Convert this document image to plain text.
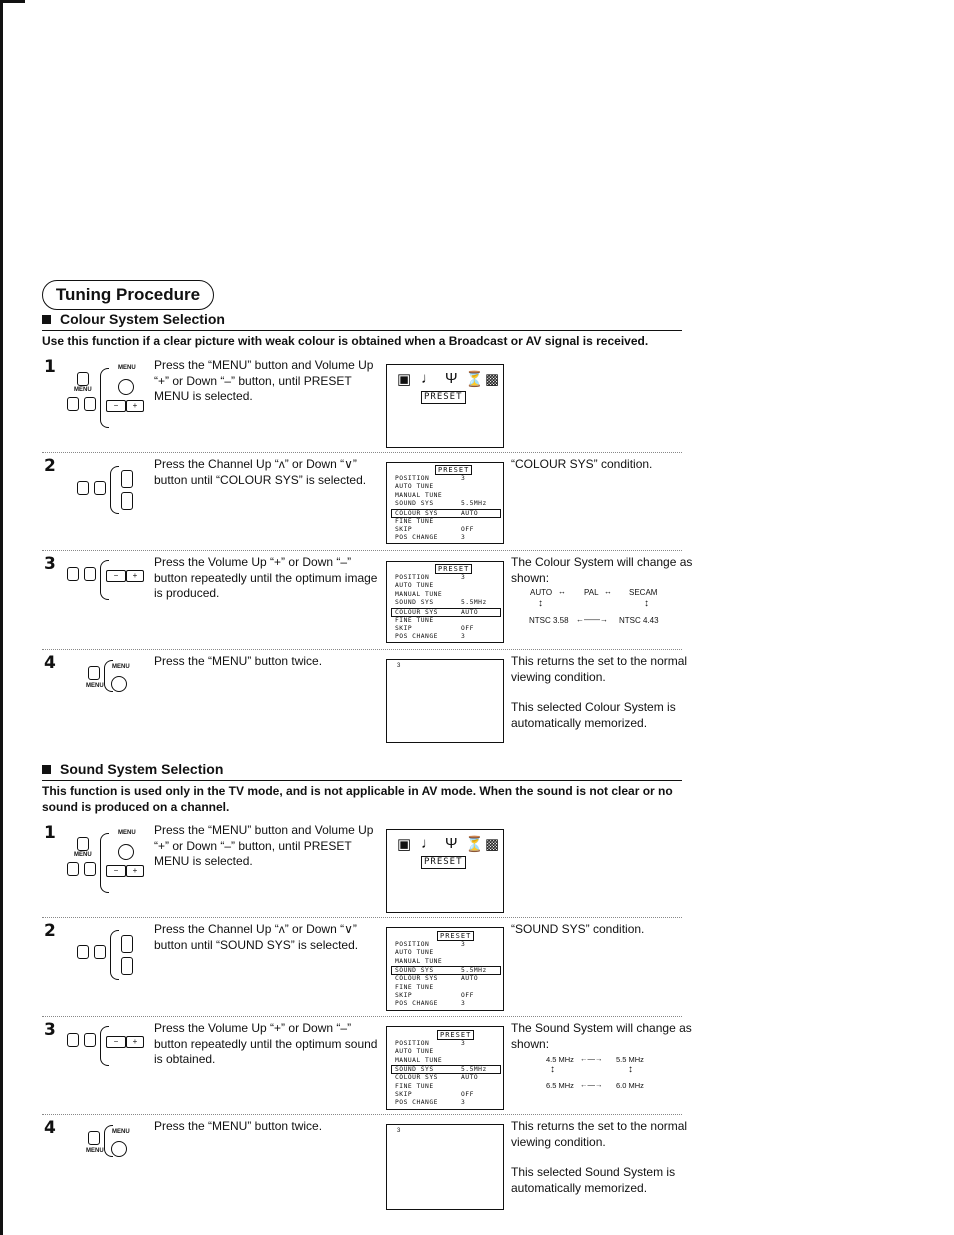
Tuning Procedure
Colour System Selection
Use this function if a clear picture with weak colour is obtained when a Broadcast or AV signal is received.
1
MENU
MENU
−	+
Press the “MENU” button and Volume Up “+” or Down “–” button, until PRESET MENU is selected.
▣ ♩ Ψ ⏳ ▩
PRESET
2	Press the Channel Up “ʌ” or Down “∨” button until “COLOUR SYS” is selected.
PRESET
POSITION	3
AUTO TUNE
MANUAL TUNE
SOUND SYS	5.5MHz
COLOUR SYS	AUTO
FINE TUNE
SKIP	OFF
POS CHANGE	3
“COLOUR SYS” condition.
3
−	+
Press the Volume Up “+” or Down “–” button repeatedly until the optimum image is produced.
PRESET
POSITION	3
AUTO TUNE
MANUAL TUNE
SOUND SYS	5.5MHz
COLOUR SYS	AUTO
FINE TUNE
SKIP	OFF
POS CHANGE	3
The Colour System will change as shown:
AUTO ↔ PAL ↔ SECAM
↕	↕
NTSC 3.58 ←——→ NTSC 4.43
4	MENU
MENU
Press the “MENU” button twice.	3	This returns the set to the normal viewing condition.
This selected Colour System is automatically memorized.
Sound System Selection
This function is used only in the TV mode, and is not applicable in AV mode. When the sound is not clear or no sound is produced on a channel.
1
MENU
MENU
−	+
Press the “MENU” button and Volume Up “+” or Down “–” button, until PRESET MENU is selected.
▣ ♩ Ψ ⏳ ▩
PRESET
2	Press the Channel Up “ʌ” or Down “∨” button until “SOUND SYS” is selected.
PRESET
POSITION	3
AUTO TUNE
MANUAL TUNE
SOUND SYS	5.5MHz
COLOUR SYS	AUTO
FINE TUNE
SKIP	OFF
POS CHANGE	3
“SOUND SYS” condition.
3
−	+
Press the Volume Up “+” or Down “–” button repeatedly until the optimum sound is obtained.
PRESET
POSITION	3
AUTO TUNE
MANUAL TUNE
SOUND SYS	5.5MHz
COLOUR SYS	AUTO
FINE TUNE
SKIP	OFF
POS CHANGE	3
The Sound System will change as shown:
4.5 MHz ←—→ 5.5 MHz
↕	↕
6.5 MHz ←—→ 6.0 MHz
4	MENU
MENU
Press the “MENU” button twice.	3	This returns the set to the normal viewing condition.
This selected Sound System is automatically memorized.
